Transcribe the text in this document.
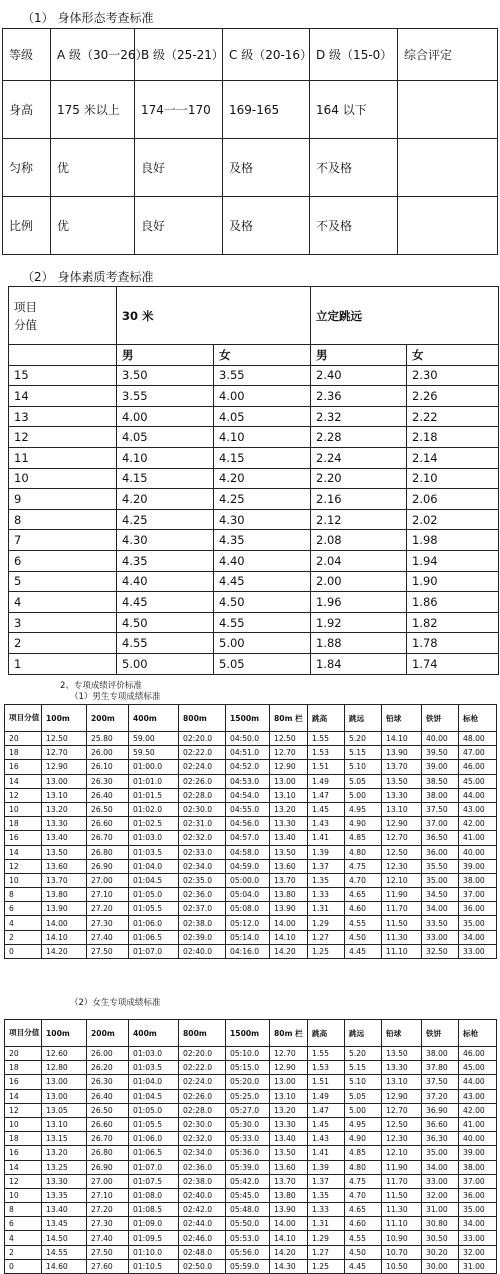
（1） 身体形态考查标准
等级	A 级（30一26）	B 级（25-21）	C 级（20-16）	D 级（15-0）	综合评定
身高	175 米以上	174一一170	169-165	164 以下	
匀称	优	良好	及格	不及格	
比例	优	良好	及格	不及格	
（2） 身体素质考查标准
项目
分值	30 米		立定跳远	
	男	女	男	女
15	3.50	3.55	2.40	2.30
14	3.55	4.00	2.36	2.26
13	4.00	4.05	2.32	2.22
12	4.05	4.10	2.28	2.18
11	4.10	4.15	2.24	2.14
10	4.15	4.20	2.20	2.10
9	4.20	4.25	2.16	2.06
8	4.25	4.30	2.12	2.02
7	4.30	4.35	2.08	1.98
6	4.35	4.40	2.04	1.94
5	4.40	4.45	2.00	1.90
4	4.45	4.50	1.96	1.86
3	4.50	4.55	1.92	1.82
2	4.55	5.00	1.88	1.78
1	5.00	5.05	1.84	1.74
2、专项成绩评价标准
（1）男生专项成绩标准
项目分值	100m	200m	400m	800m	1500m	80m 栏	跳高	跳远	铅球	铁饼	标枪
20	12.50	25.80	59.00	02:20.0	04:50.0	12.50	1.55	5.20	14.10	40.00	48.00
18	12.70	26.00	59.50	02:22.0	04:51.0	12.70	1.53	5.15	13.90	39.50	47.00
16	12.90	26.10	01:00.0	02:24.0	04:52.0	12.90	1.51	5.10	13.70	39.00	46.00
14	13.00	26.30	01:01.0	02:26.0	04:53.0	13.00	1.49	5.05	13.50	38.50	45.00
12	13.10	26.40	01:01.5	02:28.0	04:54.0	13.10	1.47	5.00	13.30	38.00	44.00
10	13.20	26.50	01:02.0	02:30.0	04:55.0	13.20	1.45	4.95	13.10	37.50	43.00
18	13.30	26.60	01:02.5	02:31.0	04:56.0	13.30	1.43	4.90	12.90	37.00	42.00
16	13.40	26.70	01:03.0	02:32.0	04:57.0	13.40	1.41	4.85	12.70	36.50	41.00
14	13.50	26.80	01:03.5	02:33.0	04:58.0	13.50	1.39	4.80	12.50	36.00	40.00
12	13.60	26.90	01:04.0	02:34.0	04:59.0	13.60	1.37	4.75	12.30	35.50	39.00
10	13.70	27.00	01:04.5	02:35.0	05:00.0	13.70	1.35	4.70	12.10	35.00	38.00
8	13.80	27.10	01:05.0	02:36.0	05:04.0	13.80	1.33	4.65	11.90	34.50	37.00
6	13.90	27.20	01:05.5	02:37.0	05:08.0	13.90	1.31	4.60	11.70	34.00	36.00
4	14.00	27.30	01:06.0	02:38.0	05:12.0	14.00	1.29	4.55	11.50	33.50	35.00
2	14.10	27.40	01:06.5	02:39.0	05:14.0	14.10	1.27	4.50	11.30	33.00	34.00
0	14.20	27.50	01:07.0	02:40.0	04:16.0	14.20	1.25	4.45	11.10	32.50	33.00
（2）女生专项成绩标准
项目分值	100m	200m	400m	800m	1500m	80m 栏	跳高	跳远	铅球	铁饼	标枪
20	12.60	26.00	01:03.0	02:20.0	05:10.0	12.70	1.55	5.20	13.50	38.00	46.00
18	12.80	26.20	01:03.5	02:22.0	05:15.0	12.90	1.53	5.15	13.30	37.80	45.00
16	13.00	26.30	01:04.0	02:24.0	05:20.0	13.00	1.51	5.10	13.10	37.50	44.00
14	13.00	26.40	01:04.5	02:26.0	05:25.0	13.10	1.49	5.05	12.90	37.20	43.00
12	13.05	26.50	01:05.0	02:28.0	05:27.0	13.20	1.47	5.00	12.70	36.90	42.00
10	13.10	26.60	01:05.5	02:30.0	05:30.0	13.30	1.45	4.95	12.50	36.60	41.00
18	13.15	26.70	01:06.0	02:32.0	05:33.0	13.40	1.43	4.90	12.30	36.30	40.00
16	13.20	26.80	01:06.5	02:34.0	05:36.0	13.50	1.41	4.85	12.10	35.00	39.00
14	13.25	26.90	01:07.0	02:36.0	05:39.0	13.60	1.39	4.80	11.90	34.00	38.00
12	13.30	27.00	01:07.5	02:38.0	05:42.0	13.70	1.37	4.75	11.70	33.00	37.00
10	13.35	27.10	01:08.0	02:40.0	05:45.0	13.80	1.35	4.70	11.50	32.00	36.00
8	13.40	27.20	01:08.5	02:42.0	05:48.0	13.90	1.33	4.65	11.30	31.00	35.00
6	13.45	27.30	01:09.0	02:44.0	05:50.0	14.00	1.31	4.60	11.10	30.80	34.00
4	14.50	27.40	01:09.5	02:46.0	05:53.0	14.10	1.29	4.55	10.90	30.50	33.00
2	14.55	27.50	01:10.0	02:48.0	05:56.0	14.20	1.27	4.50	10.70	30.20	32.00
0	14.60	27.60	01:10.5	02:50.0	05:59.0	14.30	1.25	4.45	10.50	30.00	31.00
